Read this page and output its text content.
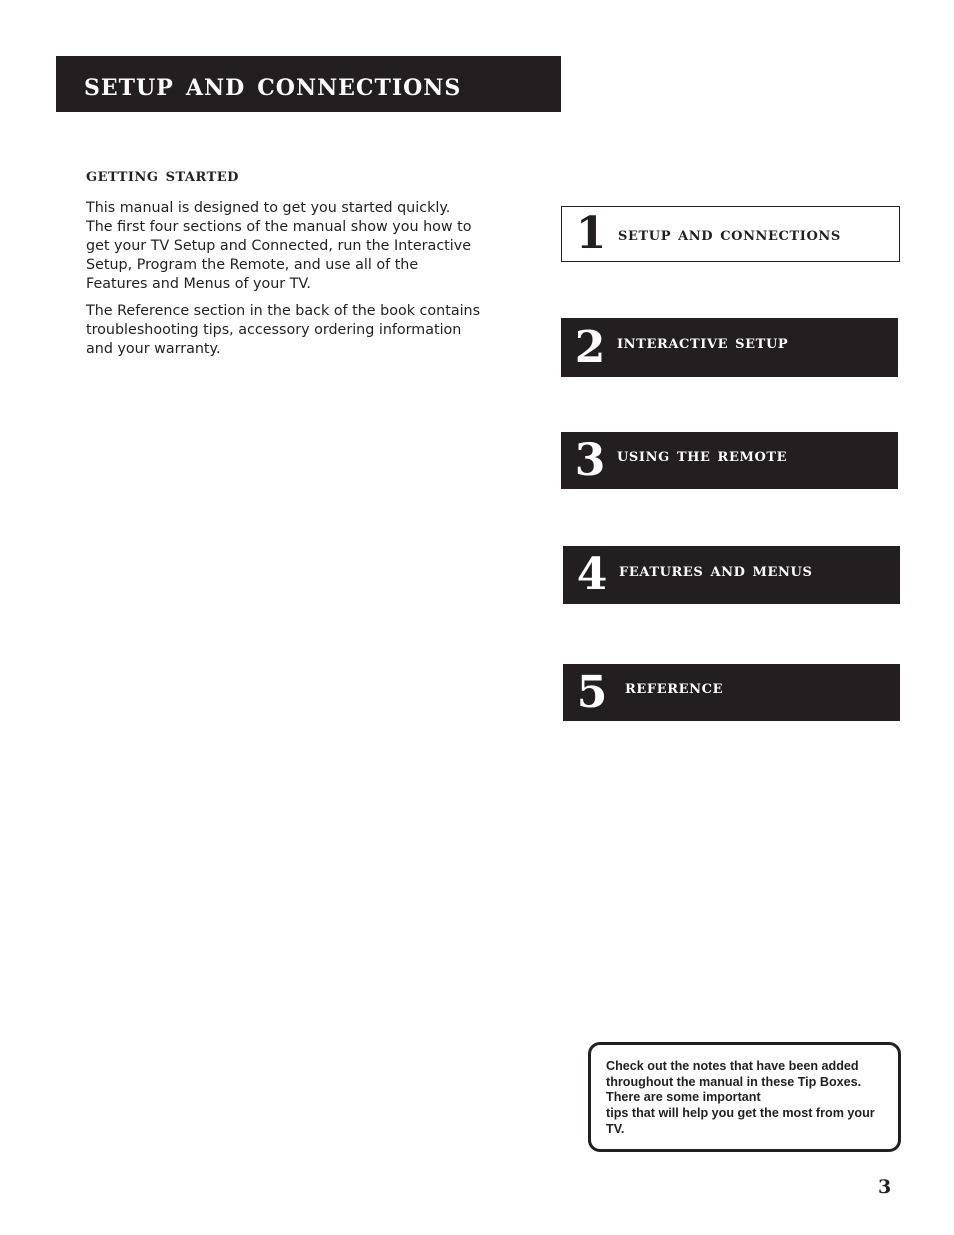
setup and connections
getting started

This manual is designed to get you started quickly. The first four sections of the manual show you how to get your TV Setup and Connected, run the Interactive Setup, Program the Remote, and use all of the Features and Menus of your TV.

The Reference section in the back of the book contains troubleshooting tips, accessory ordering information and your warranty.

1 setup and connections
2 interactive setup
3 using the remote
4 features and menus
5 reference

Check out the notes that have been added throughout the manual in these Tip Boxes. There are some important
tips that will help you get the most from your TV.

3
